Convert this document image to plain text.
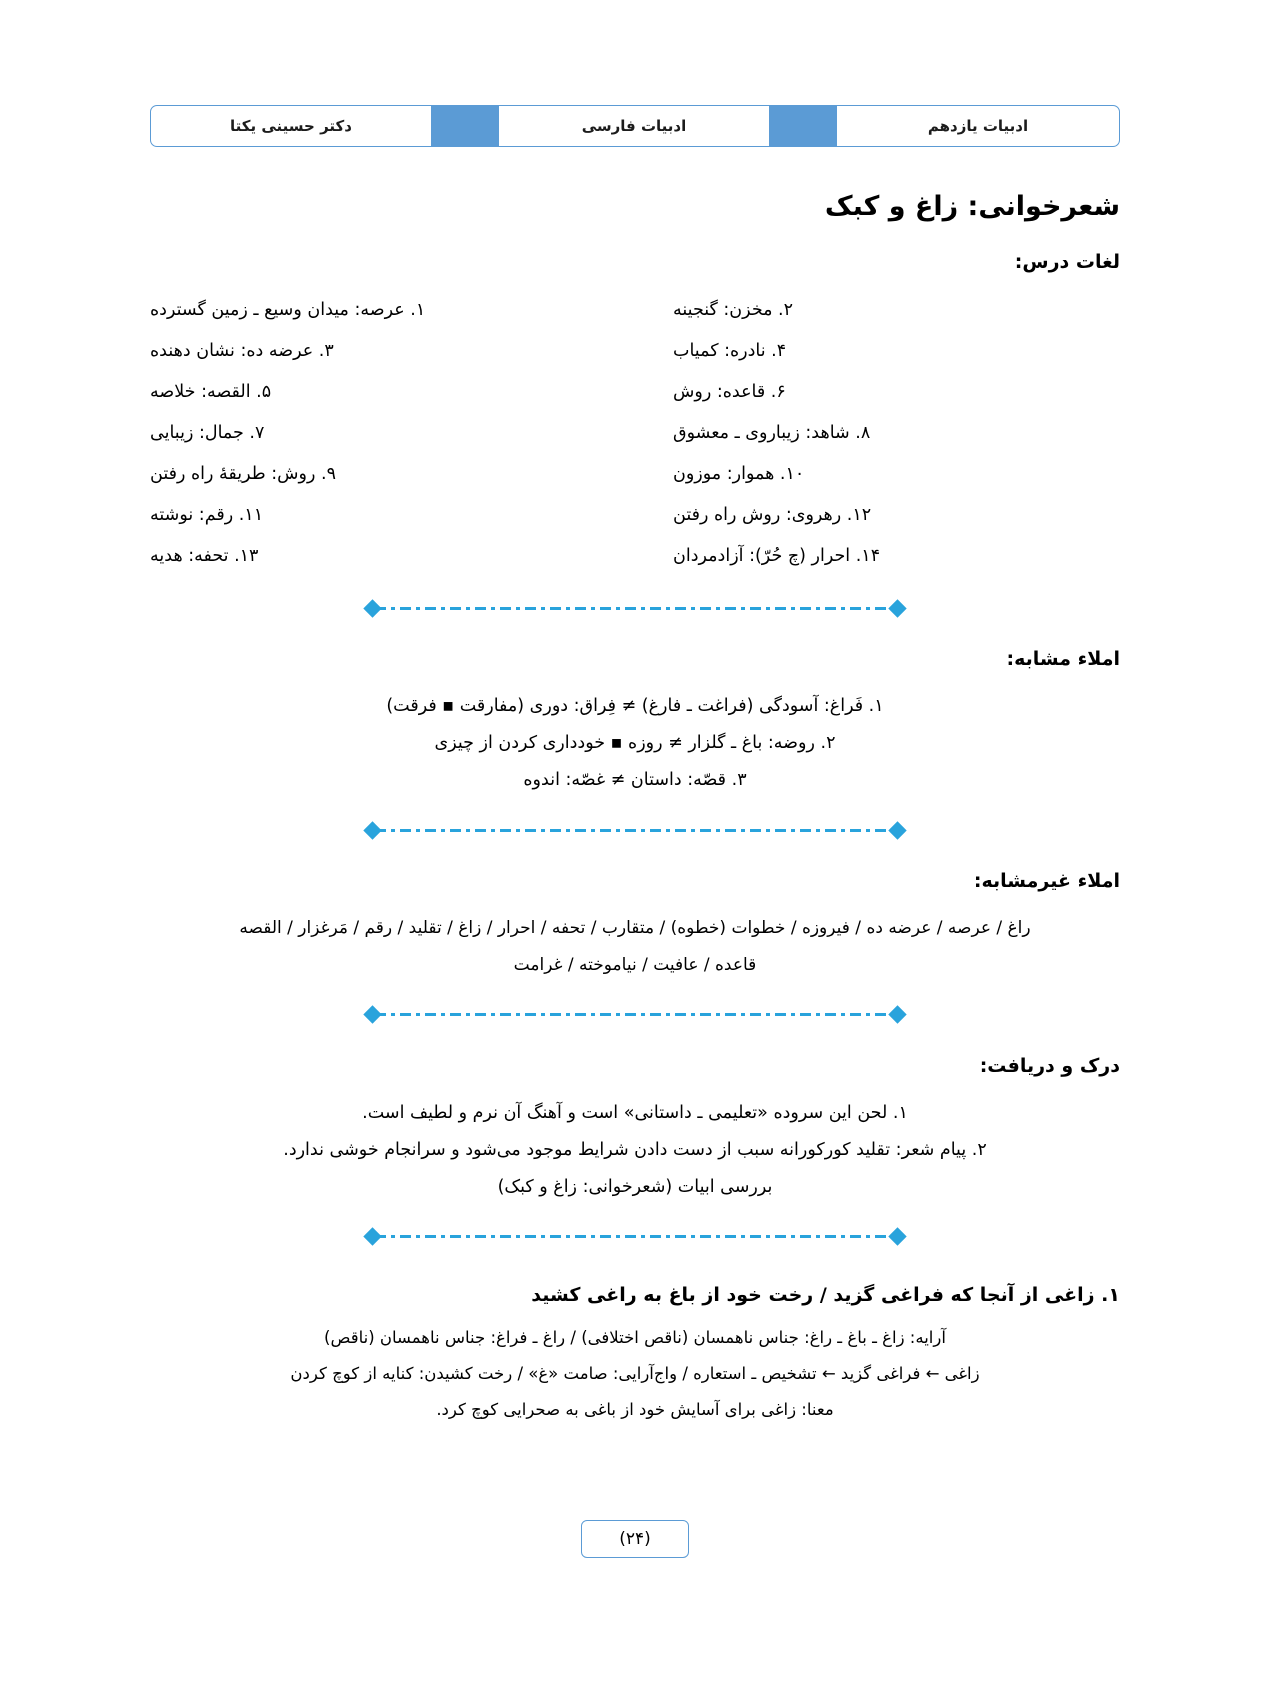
ادبیات یازدهم
ادبیات فارسی
دکتر حسینی یکتا
شعرخوانی: زاغ و کبک
لغات درس:
۲. مخزن: گنجینه
۱. عرصه: میدان وسیع ـ زمین گسترده
۴. نادره: کمیاب
۳. عرضه ده: نشان دهنده
۶. قاعده: روش
۵. القصه: خلاصه
۸. شاهد: زیباروی ـ معشوق
۷. جمال: زیبایی
۱۰. هموار: موزون
۹. روش: طریقهٔ راه رفتن
۱۲. رهروی: روش راه رفتن
۱۱. رقم: نوشته
۱۴. احرار (چ حُرّ): آزادمردان
۱۳. تحفه: هدیه
املاء مشابه:
۱. فَراغ: آسودگی (فراغت ـ فارغ) ≠ فِراق: دوری (مفارقت ▪ فرقت)
۲. روضه: باغ ـ گلزار ≠ روزه ▪ خودداری کردن از چیزی
۳. قصّه: داستان ≠ غصّه: اندوه
املاء غیرمشابه:
راغ / عرصه / عرضه ده / فیروزه / خطوات (خطوه) / متقارب / تحفه / احرار / زاغ / تقلید / رقم / مَرغزار / القصه
قاعده / عافیت / نیاموخته / غرامت
درک و دریافت:
۱. لحن این سروده «تعلیمی ـ داستانی» است و آهنگ آن نرم و لطیف است.
۲. پیام شعر: تقلید کورکورانه سبب از دست دادن شرایط موجود می‌شود و سرانجام خوشی ندارد.
بررسی ابیات (شعرخوانی: زاغ و کبک)
۱. زاغی از آنجا که فراغی گزید / رخت خود از باغ به راغی کشید
آرایه: زاغ ـ باغ ـ راغ: جناس ناهمسان (ناقص اختلافی) / راغ ـ فراغ: جناس ناهمسان (ناقص)
زاغی ← فراغی گزید ← تشخیص ـ استعاره / واج‌آرایی: صامت «غ» / رخت کشیدن: کنایه از کوچ کردن
معنا: زاغی برای آسایش خود از باغی به صحرایی کوچ کرد.
(۲۴)
